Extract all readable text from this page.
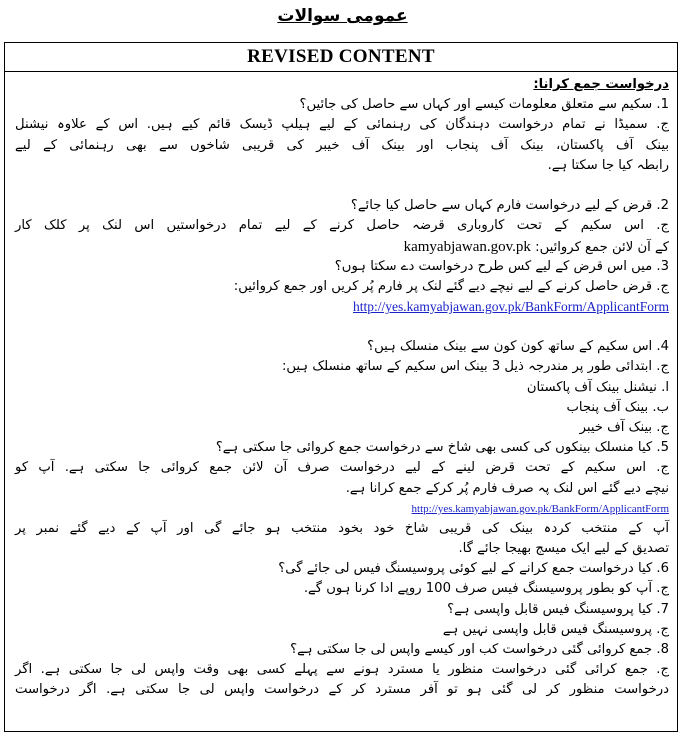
عمومی سوالات
REVISED CONTENT
درخواست جمع کرانا:
1. سکیم سے متعلق معلومات کیسے اور کہاں سے حاصل کی جائیں؟
ج. سمیڈا نے تمام درخواست دہندگان کی رہنمائی کے لیے ہیلپ ڈیسک قائم کیے ہیں. اس کے علاوہ نیشنل
بینک آف پاکستان، بینک آف پنجاب اور بینک آف خیبر کی قریبی شاخوں سے بھی رہنمائی کے لیے
رابطہ کیا جا سکتا ہے.
2. قرض کے لیے درخواست فارم کہاں سے حاصل کیا جائے؟
ج. اس سکیم کے تحت کاروباری قرضہ حاصل کرنے کے لیے تمام درخواستیں اس لنک پر کلک کار
کے آن لائن جمع کروائیں: kamyabjawan.gov.pk
3. میں اس قرض کے لیے کس طرح درخواست دے سکتا ہوں؟
ج. قرض حاصل کرنے کے لیے نیچے دیے گئے لنک پر فارم پُر کریں اور جمع کروائیں:
http://yes.kamyabjawan.gov.pk/BankForm/ApplicantForm
4. اس سکیم کے ساتھ کون کون سے بینک منسلک ہیں؟
ج. ابتدائی طور پر مندرجہ ذیل 3 بینک اس سکیم کے ساتھ منسلک ہیں:
ا. نیشنل بینک آف پاکستان
ب. بینک آف پنجاب
ج. بینک آف خیبر
5. کیا منسلک بینکوں کی کسی بھی شاخ سے درخواست جمع کروائی جا سکتی ہے؟
ج. اس سکیم کے تحت قرض لینے کے لیے درخواست صرف آن لائن جمع کروائی جا سکتی ہے. آپ کو
نیچے دیے گئے اس لنک پہ صرف فارم پُر کرکے جمع کرانا ہے.
http://yes.kamyabjawan.gov.pk/BankForm/ApplicantForm
آپ کے منتخب کردہ بینک کی قریبی شاخ خود بخود منتخب ہو جائے گی اور آپ کے دیے گئے نمبر پر
تصدیق کے لیے ایک میسج بھیجا جائے گا.
6. کیا درخواست جمع کرانے کے لیے کوئی پروسیسنگ فیس لی جائے گی؟
ج. آپ کو بطور پروسیسنگ فیس صرف 100 روپے ادا کرنا ہوں گے.
7. کیا پروسیسنگ فیس قابل واپسی ہے؟
ج. پروسیسنگ فیس قابل واپسی نہیں ہے
8. جمع کروائی گئی درخواست کب اور کیسے واپس لی جا سکتی ہے؟
ج. جمع کرائی گئی درخواست منظور یا مسترد ہونے سے پہلے کسی بھی وقت واپس لی جا سکتی ہے. اگر
درخواست منظور کر لی گئی ہو تو آفر مسترد کر کے درخواست واپس لی جا سکتی ہے. اگر درخواست
